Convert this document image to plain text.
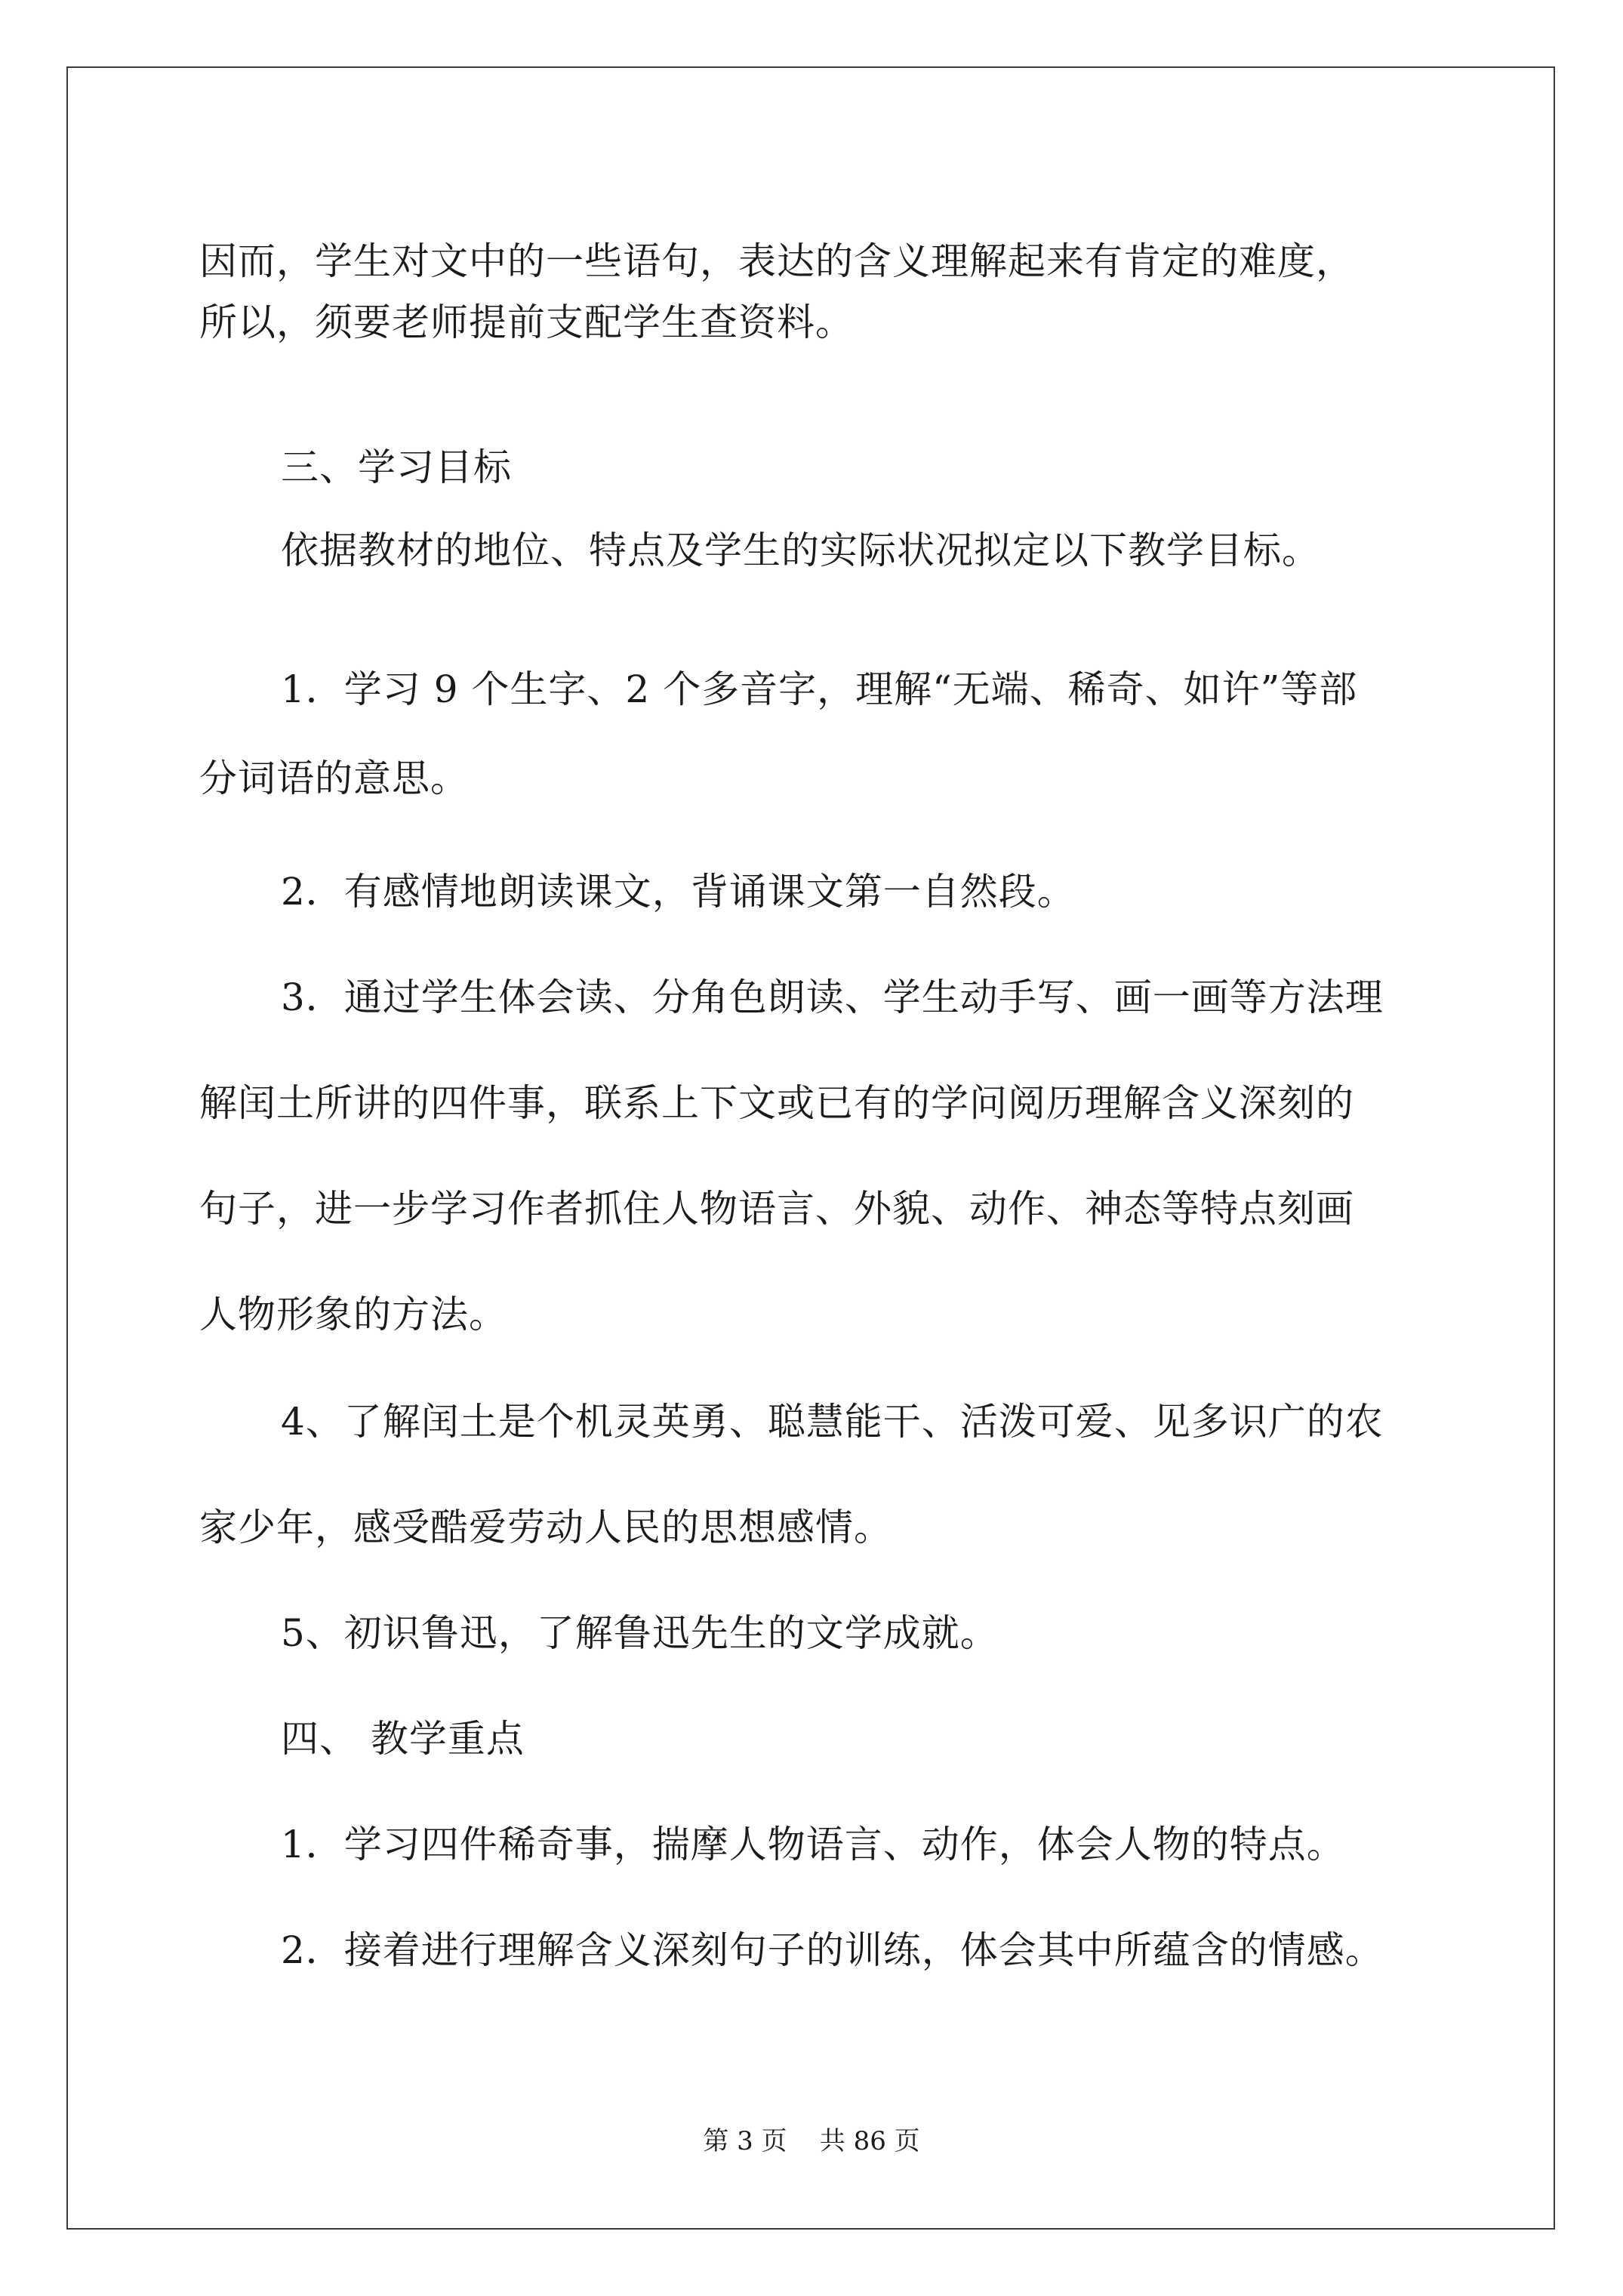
因而，学生对文中的一些语句，表达的含义理解起来有肯定的难度，
所以，须要老师提前支配学生查资料。
三、学习目标
依据教材的地位、特点及学生的实际状况拟定以下教学目标。
1．学习 9 个生字、2 个多音字，理解“无端、稀奇、如许”等部
分词语的意思。
2．有感情地朗读课文，背诵课文第一自然段。
3．通过学生体会读、分角色朗读、学生动手写、画一画等方法理
解闰土所讲的四件事，联系上下文或已有的学问阅历理解含义深刻的
句子，进一步学习作者抓住人物语言、外貌、动作、神态等特点刻画
人物形象的方法。
4、了解闰土是个机灵英勇、聪慧能干、活泼可爱、见多识广的农
家少年，感受酷爱劳动人民的思想感情。
5、初识鲁迅，了解鲁迅先生的文学成就。
四、 教学重点
1．学习四件稀奇事，揣摩人物语言、动作，体会人物的特点。
2．接着进行理解含义深刻句子的训练，体会其中所蕴含的情感。
第 3 页    共 86 页
